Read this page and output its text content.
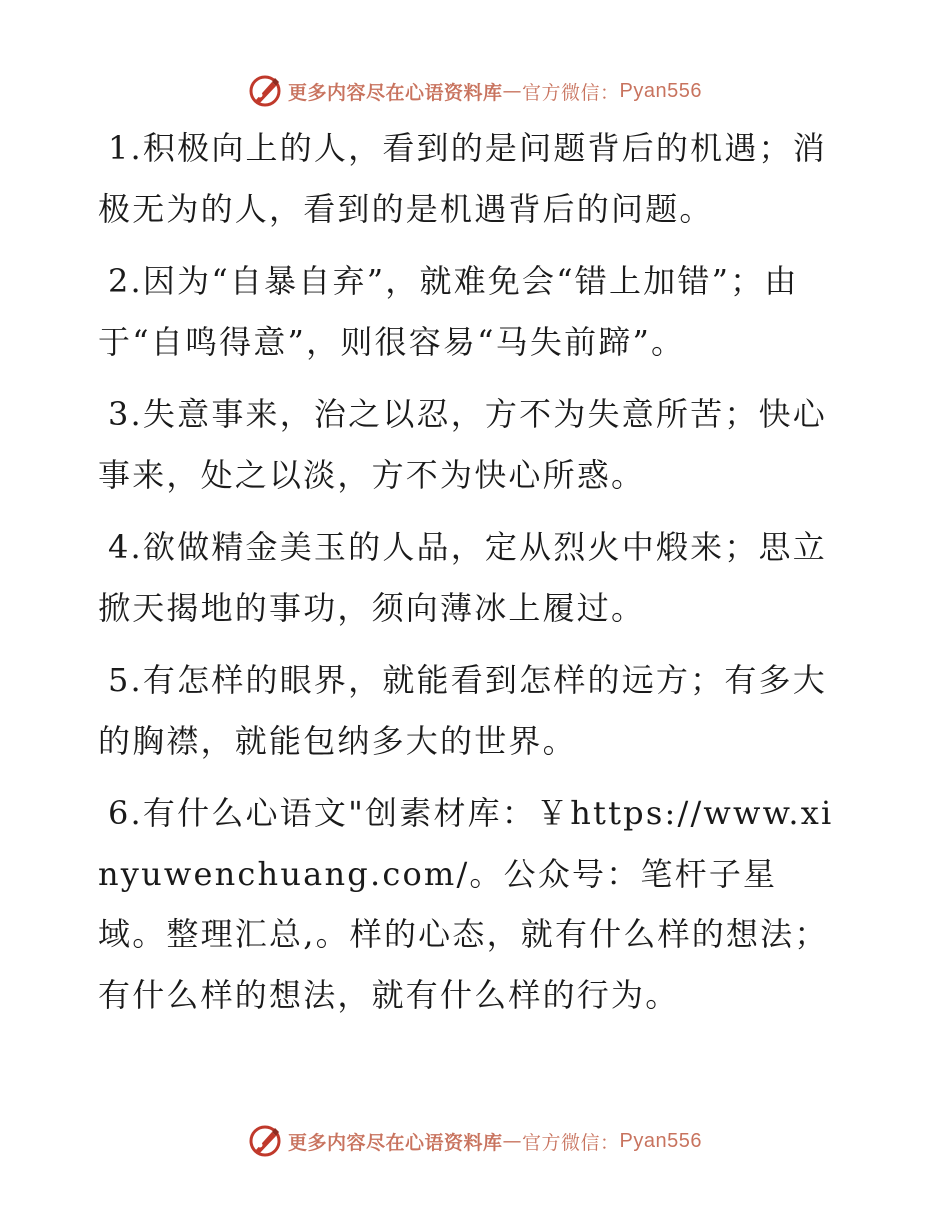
更多内容尽在心语资料库 — 官方微信： Pyan556

1.积极向上的人，看到的是问题背后的机遇；消极无为的人，看到的是机遇背后的问题。

2.因为“自暴自弃”，就难免会“错上加错”；由于“自鸣得意”，则很容易“马失前蹄”。

3.失意事来，治之以忍，方不为失意所苦；快心事来，处之以淡，方不为快心所惑。

4.欲做精金美玉的人品，定从烈火中煅来；思立掀天揭地的事功，须向薄冰上履过。

5.有怎样的眼界，就能看到怎样的远方；有多大的胸襟，就能包纳多大的世界。

6.有什么心语文"创素材库：￥https://www.xinyuwenchuang.com/。公众号：笔杆子星域。整理汇总,。样的心态，就有什么样的想法；有什么样的想法，就有什么样的行为。

更多内容尽在心语资料库 — 官方微信： Pyan556
